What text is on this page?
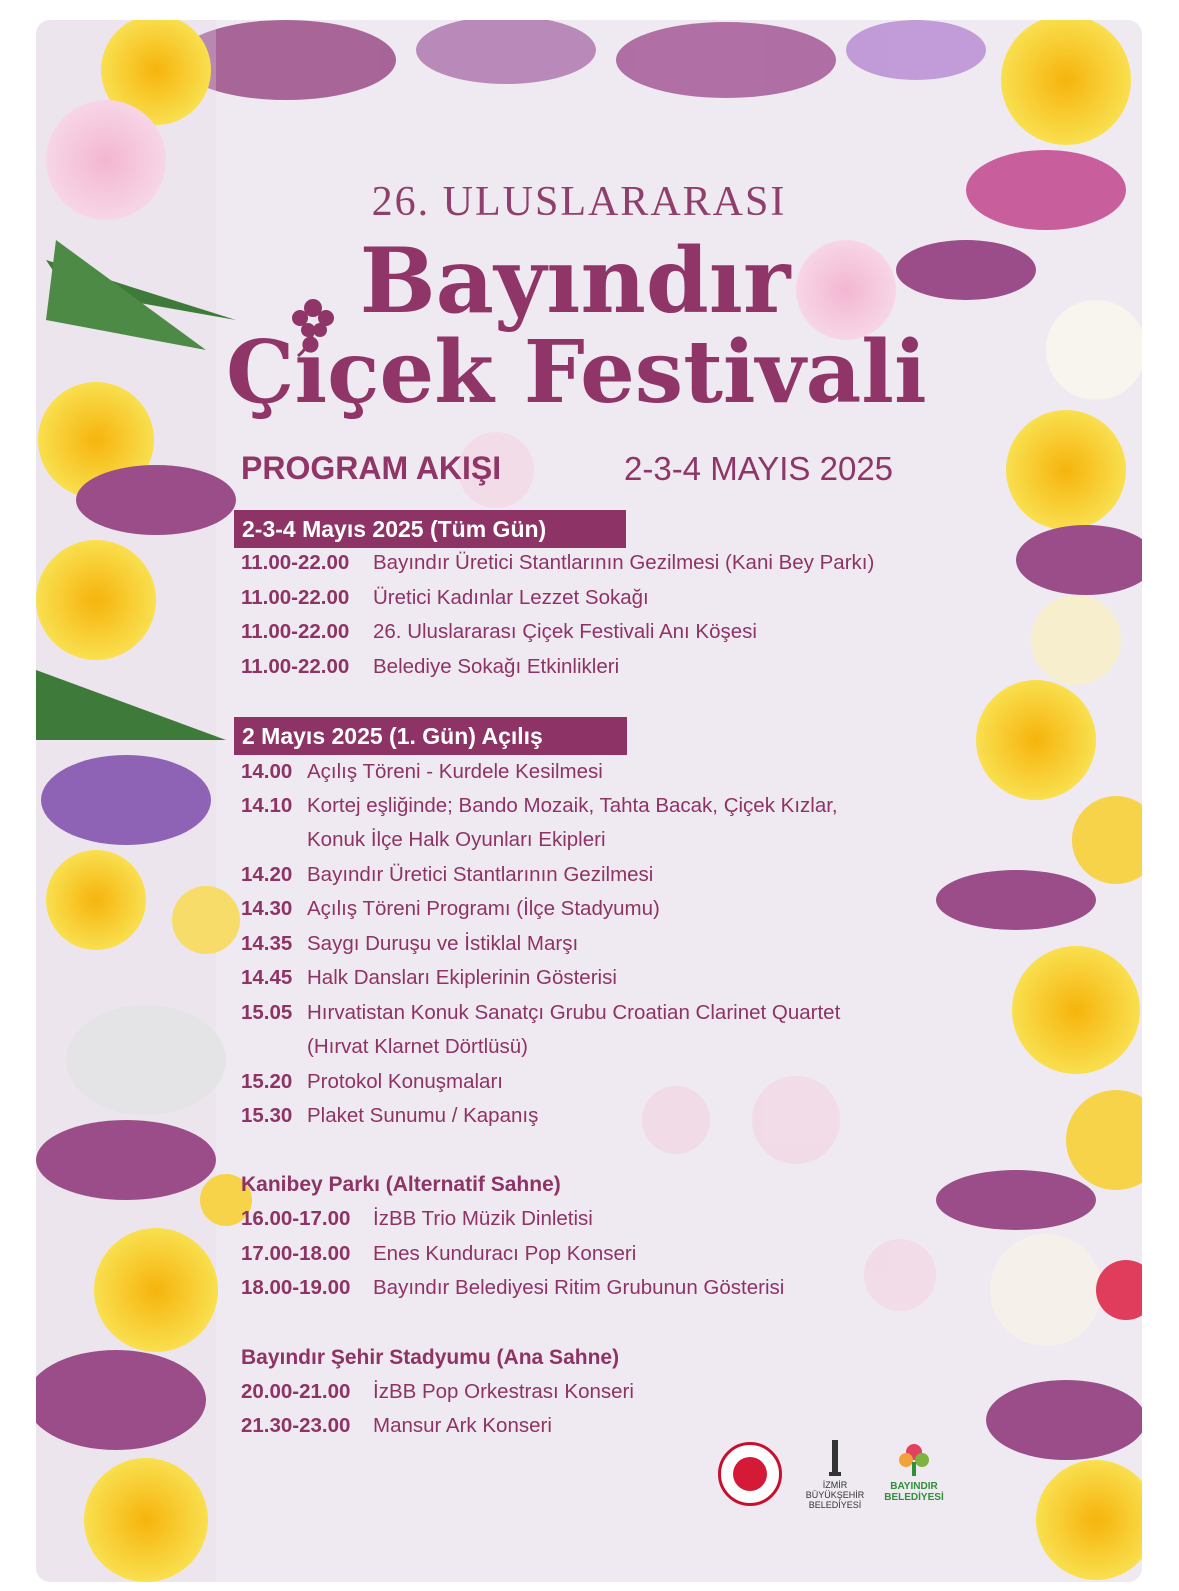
26. ULUSLARARASI
Bayındır
Çiçek Festivali
PROGRAM AKIŞI	2-3-4 MAYIS 2025
2-3-4 Mayıs 2025 (Tüm Gün)
11.00-22.00 Bayındır Üretici Stantlarının Gezilmesi (Kani Bey Parkı)
11.00-22.00 Üretici Kadınlar Lezzet Sokağı
11.00-22.00 26. Uluslararası Çiçek Festivali Anı Köşesi
11.00-22.00 Belediye Sokağı Etkinlikleri
2 Mayıs 2025 (1. Gün) Açılış
14.00 Açılış Töreni - Kurdele Kesilmesi
14.10 Kortej eşliğinde; Bando Mozaik, Tahta Bacak, Çiçek Kızlar,
Konuk İlçe Halk Oyunları Ekipleri
14.20 Bayındır Üretici Stantlarının Gezilmesi
14.30 Açılış Töreni Programı (İlçe Stadyumu)
14.35 Saygı Duruşu ve İstiklal Marşı
14.45 Halk Dansları Ekiplerinin Gösterisi
15.05 Hırvatistan Konuk Sanatçı Grubu Croatian Clarinet Quartet
(Hırvat Klarnet Dörtlüsü)
15.20 Protokol Konuşmaları
15.30 Plaket Sunumu / Kapanış
Kanibey Parkı (Alternatif Sahne)
16.00-17.00 İzBB Trio Müzik Dinletisi
17.00-18.00 Enes Kunduracı Pop Konseri
18.00-19.00 Bayındır Belediyesi Ritim Grubunun Gösterisi
Bayındır Şehir Stadyumu (Ana Sahne)
20.00-21.00 İzBB Pop Orkestrası Konseri
21.30-23.00 Mansur Ark Konseri
İZMİR BÜYÜKŞEHİR BELEDİYESİ
BAYINDIR BELEDİYESİ
